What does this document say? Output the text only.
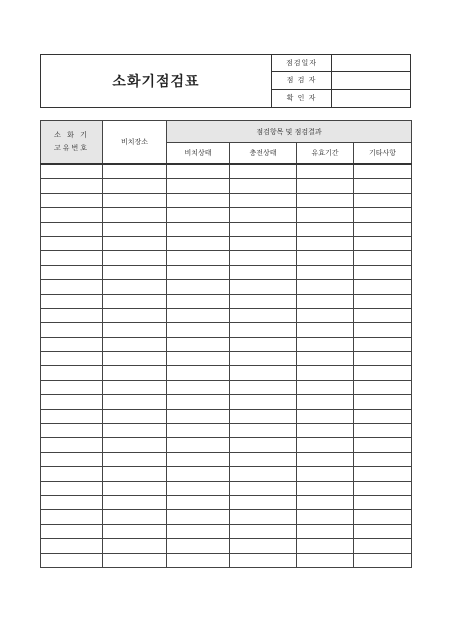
소화기점검표
점검일자
점 검 자
확 인 자
소 화 기
고유번호	비치장소	점검항목 및 점검결과			
		비치상태	충전상태	유효기간	기타사항
